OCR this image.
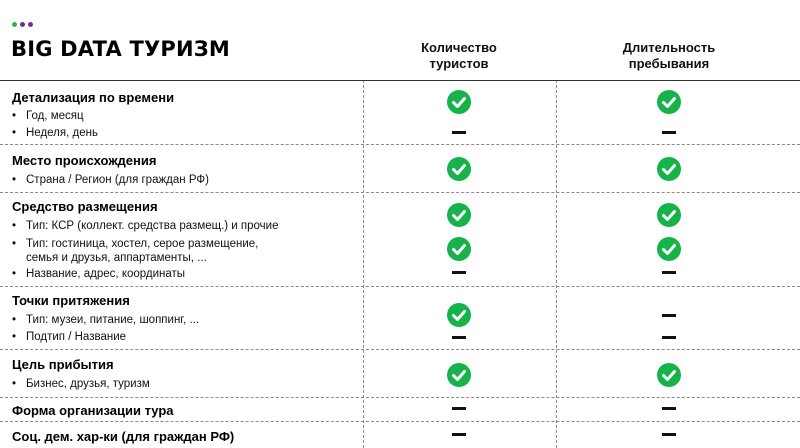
BIG DATA ТУРИЗМ	Количество
туристов
Длительность
пребывания
Детализация по времени
• Год, месяц
• Неделя, день
Место происхождения
• Страна / Регион (для граждан РФ)
Средство размещения
• Тип: КСР (коллект. средства размещ.) и прочие
• Тип: гостиница, хостел, серое размещение,
семья и друзья, аппартаменты, ...
• Название, адрес, координаты
Точки притяжения
• Тип: музеи, питание, шоппинг, ...
• Подтип / Название
Цель прибытия
• Бизнес, друзья, туризм
Форма организации тура
Соц. дем. хар-ки (для граждан РФ)
